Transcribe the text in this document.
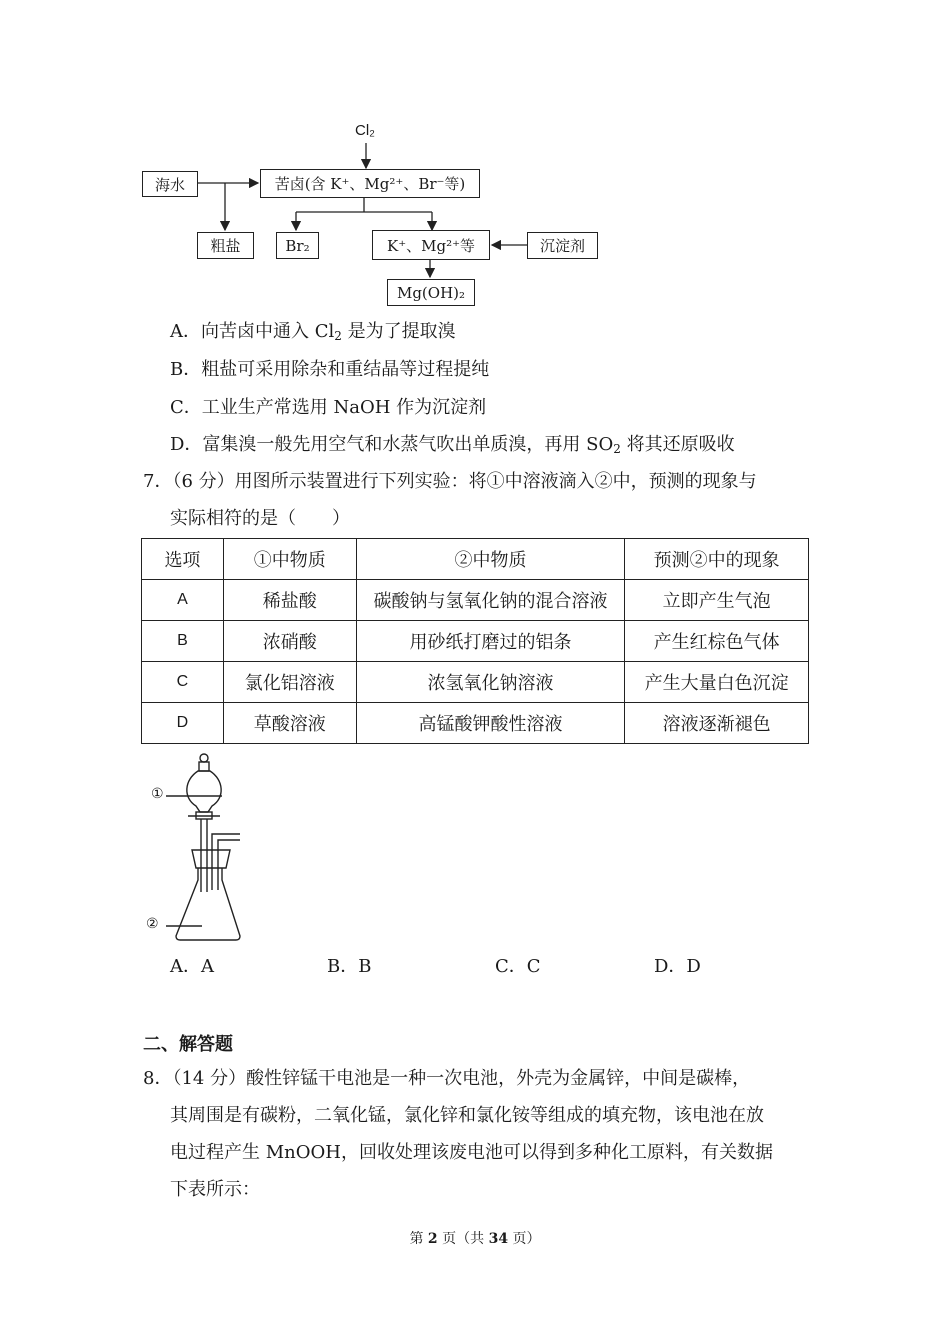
Cl₂
海水	苦卤(含 K⁺、Mg²⁺、Br⁻等)
粗盐	Br₂	K⁺、Mg²⁺等	沉淀剂
Mg(OH)₂
A．向苦卤中通入 $Cl_2$ 是为了提取溴
B．粗盐可采用除杂和重结晶等过程提纯
C．工业生产常选用 NaOH 作为沉淀剂
D．富集溴一般先用空气和水蒸气吹出单质溴，再用 $SO_2$ 将其还原吸收
7．（6 分）用图所示装置进行下列实验：将①中溶液滴入②中，预测的现象与
实际相符的是（　　）
选项	①中物质	②中物质	预测②中的现象
A	稀盐酸	碳酸钠与氢氧化钠的混合溶液	立即产生气泡
B	浓硝酸	用砂纸打磨过的铝条	产生红棕色气体
C	氯化铝溶液	浓氢氧化钠溶液	产生大量白色沉淀
D	草酸溶液	高锰酸钾酸性溶液	溶液逐渐褪色
①
②
A．A	B．B	C．C	D．D
二、解答题
8．（14 分）酸性锌锰干电池是一种一次电池，外壳为金属锌，中间是碳棒，
其周围是有碳粉，二氧化锰，氯化锌和氯化铵等组成的填充物，该电池在放
电过程产生 MnOOH，回收处理该废电池可以得到多种化工原料，有关数据
下表所示：
第 2 页（共 34 页）
